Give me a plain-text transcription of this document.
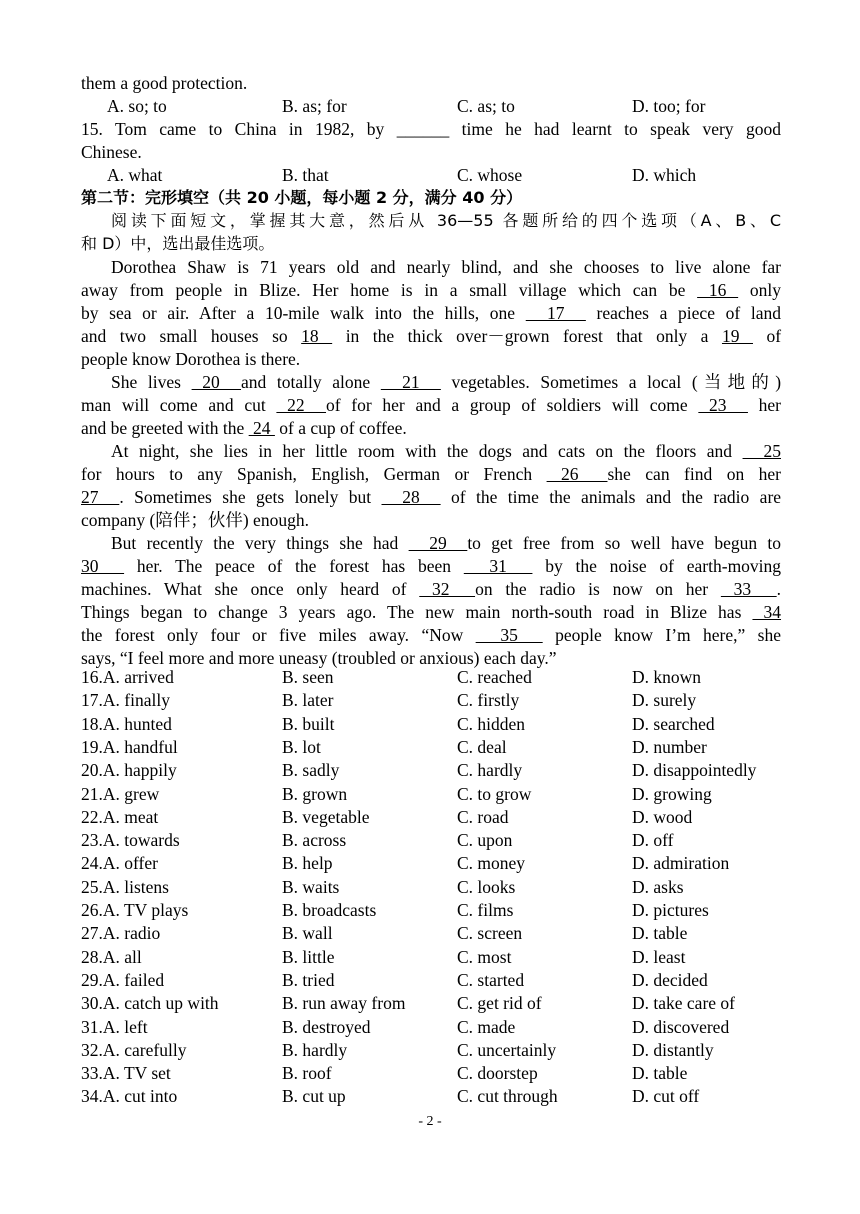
them a good protection.
A. so; to	B. as; for	C. as; to	D. too; for
15. Tom came to China in 1982, by ______ time he had learnt to speak very good
Chinese.
A. what	B. that	C. whose	D. which
第二节：完形填空（共 20 小题，每小题 2 分，满分 40 分）
阅读下面短文，掌握其大意，然后从 36—55 各题所给的四个选项（A、B、C
和 D）中，选出最佳选项。
Dorothea Shaw is 71 years old and nearly blind, and she chooses to live alone far
away from people in Blize. Her home is in a small village which can be  16  only
by sea or air. After a 10-mile walk into the hills, one   17   reaches a piece of land
and two small houses so 18  in the thick over－grown forest that only a 19  of
people know Dorothea is there.
She lives  20  and totally alone   21   vegetables. Sometimes a local (当地的)
man will come and cut  22  of for her and a group of soldiers will come  23   her
and be greeted with the  24  of a cup of coffee.
At night, she lies in her little room with the dogs and cats on the floors and   25
for hours to any Spanish, English, German or French  26  she can find on her
27  . Sometimes she gets lonely but   28   of the time the animals and the radio are
company (陪伴；伙伴) enough.
But recently the very things she had   29  to get free from so well have begun to
30   her. The peace of the forest has been   31   by the noise of earth-moving
machines. What she once only heard of  32  on the radio is now on her  33  .
Things began to change 3 years ago. The new main north-south road in Blize has  34
the forest only four or five miles away. “Now   35   people know I’m here,” she
says, “I feel more and more uneasy (troubled or anxious) each day.”
16.A. arrived	B. seen	C. reached	D. known
17.A. finally	B. later	C. firstly	D. surely
18.A. hunted	B. built	C. hidden	D. searched
19.A. handful	B. lot	C. deal	D. number
20.A. happily	B. sadly	C. hardly	D. disappointedly
21.A. grew	B. grown	C. to grow	D. growing
22.A. meat	B. vegetable	C. road	D. wood
23.A. towards	B. across	C. upon	D. off
24.A. offer	B. help	C. money	D. admiration
25.A. listens	B. waits	C. looks	D. asks
26.A. TV plays	B. broadcasts	C. films	D. pictures
27.A. radio	B. wall	C. screen	D. table
28.A. all	B. little	C. most	D. least
29.A. failed	B. tried	C. started	D. decided
30.A. catch up with	B. run away from	C. get rid of	D. take care of
31.A. left	B. destroyed	C. made	D. discovered
32.A. carefully	B. hardly	C. uncertainly	D. distantly
33.A. TV set	B. roof	C. doorstep	D. table
34.A. cut into	B. cut up	C. cut through	D. cut off
- 2 -
